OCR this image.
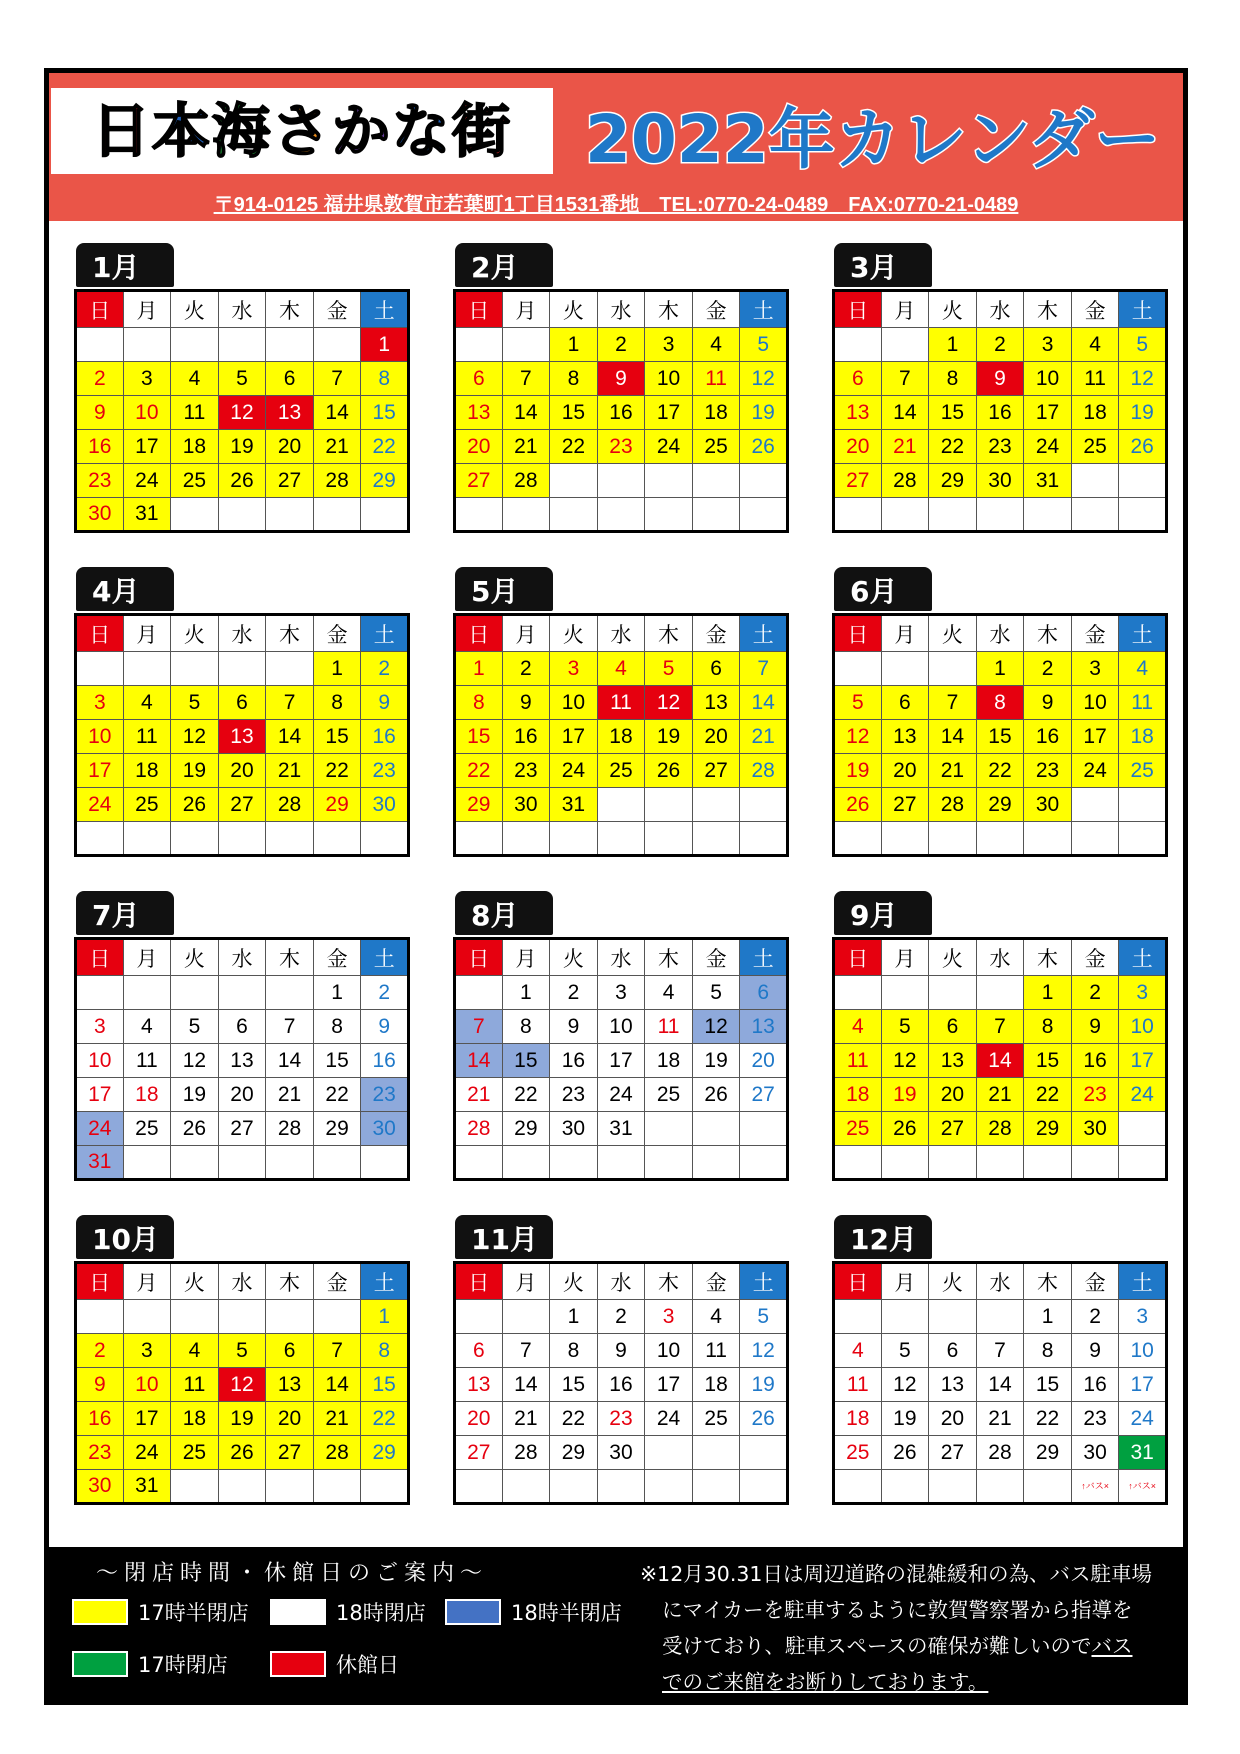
日本海さかな街 2022年カレンダー
〒914-0125 福井県敦賀市若葉町1丁目1531番地　TEL:0770-24-0489　FAX:0770-21-0489
1月
日	月	火	水	木	金	土
						1
2	3	4	5	6	7	8
9	10	11	12	13	14	15
16	17	18	19	20	21	22
23	24	25	26	27	28	29
30	31					
2月
日	月	火	水	木	金	土
		1	2	3	4	5
6	7	8	9	10	11	12
13	14	15	16	17	18	19
20	21	22	23	24	25	26
27	28					

3月
日	月	火	水	木	金	土
		1	2	3	4	5
6	7	8	9	10	11	12
13	14	15	16	17	18	19
20	21	22	23	24	25	26
27	28	29	30	31		

4月
日	月	火	水	木	金	土
					1	2
3	4	5	6	7	8	9
10	11	12	13	14	15	16
17	18	19	20	21	22	23
24	25	26	27	28	29	30

5月
日	月	火	水	木	金	土
1	2	3	4	5	6	7
8	9	10	11	12	13	14
15	16	17	18	19	20	21
22	23	24	25	26	27	28
29	30	31				

6月
日	月	火	水	木	金	土
			1	2	3	4
5	6	7	8	9	10	11
12	13	14	15	16	17	18
19	20	21	22	23	24	25
26	27	28	29	30		

7月
日	月	火	水	木	金	土
					1	2
3	4	5	6	7	8	9
10	11	12	13	14	15	16
17	18	19	20	21	22	23
24	25	26	27	28	29	30
31						
8月
日	月	火	水	木	金	土
	1	2	3	4	5	6
7	8	9	10	11	12	13
14	15	16	17	18	19	20
21	22	23	24	25	26	27
28	29	30	31			

9月
日	月	火	水	木	金	土
				1	2	3
4	5	6	7	8	9	10
11	12	13	14	15	16	17
18	19	20	21	22	23	24
25	26	27	28	29	30	

10月
日	月	火	水	木	金	土
						1
2	3	4	5	6	7	8
9	10	11	12	13	14	15
16	17	18	19	20	21	22
23	24	25	26	27	28	29
30	31					
11月
日	月	火	水	木	金	土
		1	2	3	4	5
6	7	8	9	10	11	12
13	14	15	16	17	18	19
20	21	22	23	24	25	26
27	28	29	30			

12月
日	月	火	水	木	金	土
				1	2	3
4	5	6	7	8	9	10
11	12	13	14	15	16	17
18	19	20	21	22	23	24
25	26	27	28	29	30	31

					↑バス×	↑バス×
～閉店時間・休館日のご案内～
17時半閉店	18時閉店	18時半閉店
17時閉店	休館日
※12月30.31日は周辺道路の混雑緩和の為、バス駐車場
にマイカーを駐車するように敦賀警察署から指導を
受けており、駐車スペースの確保が難しいのでバス
でのご来館をお断りしております。
